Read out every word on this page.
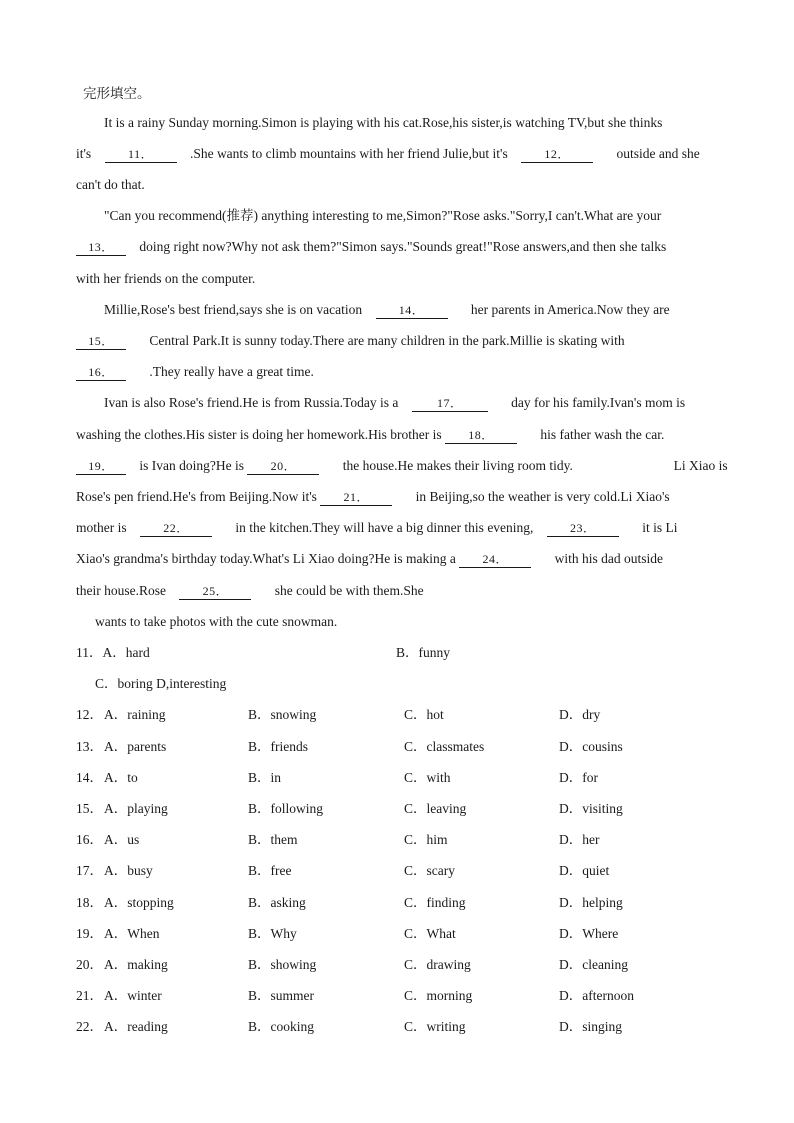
完形填空。
It is a rainy Sunday morning.Simon is playing with his cat.Rose,his sister,is watching TV,but she thinks
it's	11．	.She wants to climb mountains with her friend Julie,but it's	12．	outside and she
can't do that.
"Can you recommend(推荐) anything interesting to me,Simon?"Rose asks."Sorry,I can't.What are your
13． doing right now?Why not ask them?"Simon says."Sounds great!"Rose answers,and then she talks
with her friends on the computer.
Millie,Rose's best friend,says she is on vacation	14．	her parents in America.Now they are
15．	Central Park.It is sunny today.There are many children in the park.Millie is skating with
16．	.They really have a great time.
Ivan is also Rose's friend.He is from Russia.Today is a	17．	day for his family.Ivan's mom is
washing the clothes.His sister is doing her homework.His brother is 18．	his father wash the car.
19． is Ivan doing?He is 20．	the house.He makes their living room tidy.	Li Xiao is
Rose's pen friend.He's from Beijing.Now it's 21．	in Beijing,so the weather is very cold.Li Xiao's
mother is	22．	in the kitchen.They will have a big dinner this evening,	23．	it is Li
Xiao's grandma's birthday today.What's Li Xiao doing?He is making a 24．	with his dad outside
their house.Rose	25．	she could be with them.She
wants to take photos with the cute snowman.
11．A．hard	B．funny
C．boring D,interesting
12． A．raining	B．snowing	C．hot	D．dry
13． A．parents	B．friends	C．classmates	D．cousins
14． A．to	B．in	C．with	D．for
15． A．playing	B．following	C．leaving	D．visiting
16． A．us	B．them	C．him	D．her
17． A．busy	B．free	C．scary	D．quiet
18． A．stopping	B．asking	C．finding	D．helping
19． A．When	B．Why	C．What	D．Where
20． A．making	B．showing	C．drawing	D．cleaning
21． A．winter	B．summer	C．morning	D．afternoon
22． A．reading	B．cooking	C．writing	D．singing
